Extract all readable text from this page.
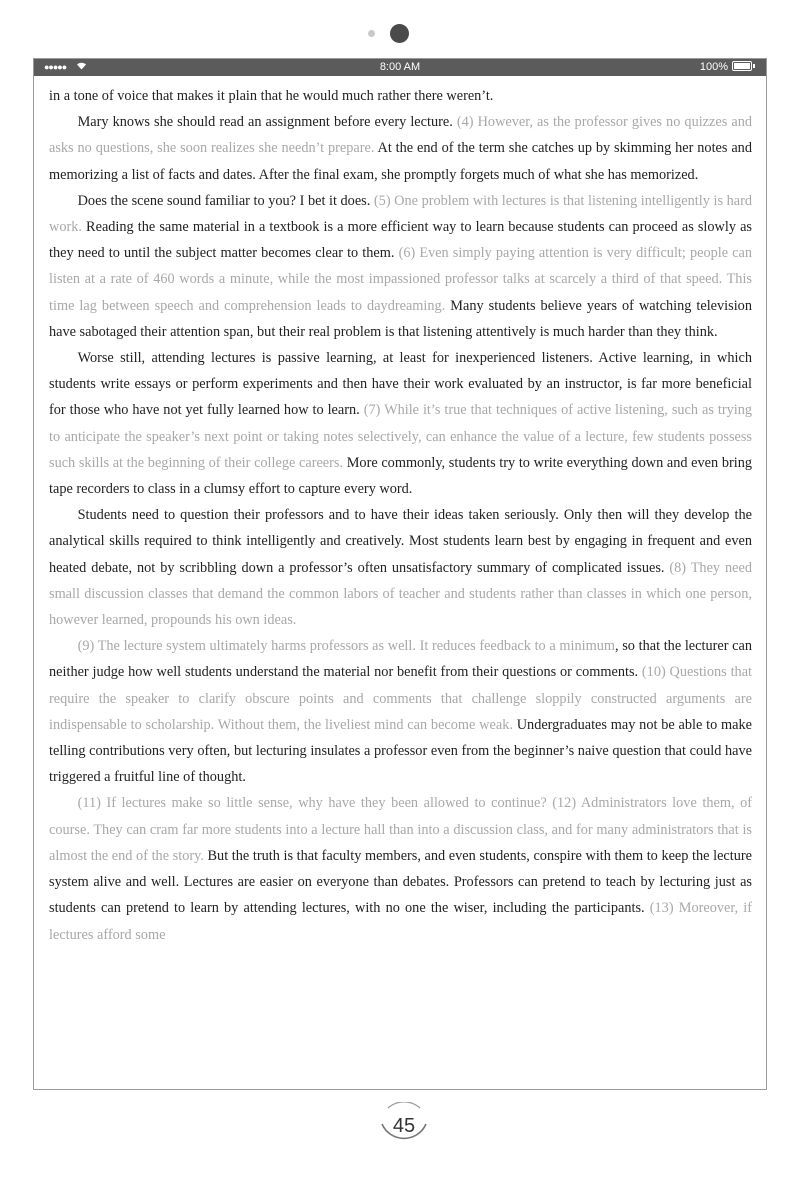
●●●●●	8:00 AM	100%

in a tone of voice that makes it plain that he would much rather there weren’t.

Mary knows she should read an assignment before every lecture. (4) However, as the professor gives no quizzes and asks no questions, she soon realizes she needn’t prepare. At the end of the term she catches up by skimming her notes and memorizing a list of facts and dates. After the final exam, she promptly forgets much of what she has memorized.

Does the scene sound familiar to you? I bet it does. (5) One problem with lectures is that listening intelligently is hard work. Reading the same material in a textbook is a more efficient way to learn because students can proceed as slowly as they need to until the subject matter becomes clear to them. (6) Even simply paying attention is very difficult; people can listen at a rate of 460 words a minute, while the most impassioned professor talks at scarcely a third of that speed. This time lag between speech and comprehension leads to daydreaming. Many students believe years of watching television have sabotaged their attention span, but their real problem is that listening attentively is much harder than they think.

Worse still, attending lectures is passive learning, at least for inexperienced listeners. Active learning, in which students write essays or perform experiments and then have their work evaluated by an instructor, is far more beneficial for those who have not yet fully learned how to learn. (7) While it’s true that techniques of active listening, such as trying to anticipate the speaker’s next point or taking notes selectively, can enhance the value of a lecture, few students possess such skills at the beginning of their college careers. More commonly, students try to write everything down and even bring tape recorders to class in a clumsy effort to capture every word.

Students need to question their professors and to have their ideas taken seriously. Only then will they develop the analytical skills required to think intelligently and creatively. Most students learn best by engaging in frequent and even heated debate, not by scribbling down a professor’s often unsatisfactory summary of complicated issues. (8) They need small discussion classes that demand the common labors of teacher and students rather than classes in which one person, however learned, propounds his own ideas.

(9) The lecture system ultimately harms professors as well. It reduces feedback to a minimum, so that the lecturer can neither judge how well students understand the material nor benefit from their questions or comments. (10) Questions that require the speaker to clarify obscure points and comments that challenge sloppily constructed arguments are indispensable to scholarship. Without them, the liveliest mind can become weak. Undergraduates may not be able to make telling contributions very often, but lecturing insulates a professor even from the beginner’s naive question that could have triggered a fruitful line of thought.

(11) If lectures make so little sense, why have they been allowed to continue? (12) Administrators love them, of course. They can cram far more students into a lecture hall than into a discussion class, and for many administrators that is almost the end of the story. But the truth is that faculty members, and even students, conspire with them to keep the lecture system alive and well. Lectures are easier on everyone than debates. Professors can pretend to teach by lecturing just as students can pretend to learn by attending lectures, with no one the wiser, including the participants. (13) Moreover, if lectures afford some

45
